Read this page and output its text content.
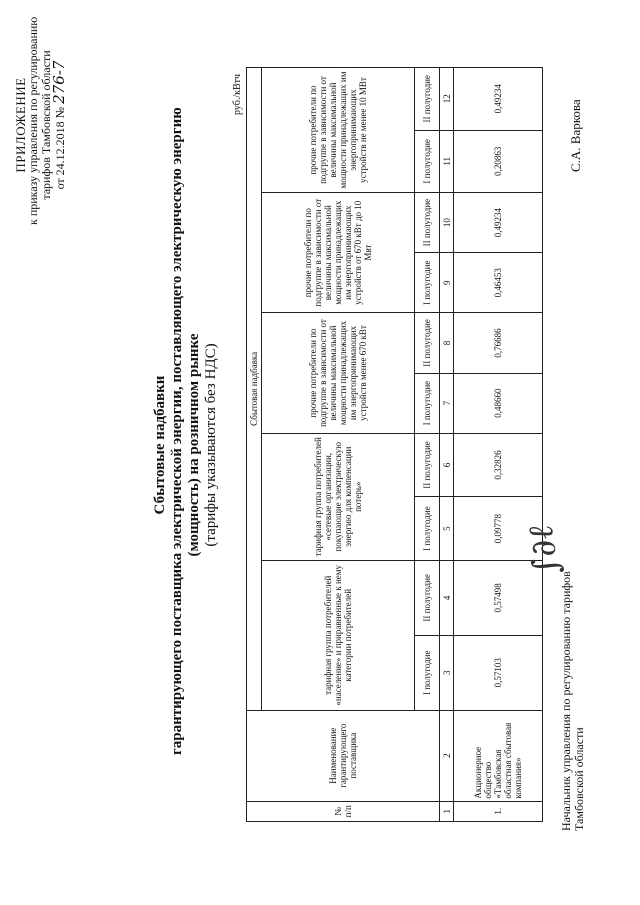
ПРИЛОЖЕНИЕ
к приказу управления по регулированию тарифов Тамбовской области от 24.12.2018 № 276-7
Сбытовые надбавки гарантирующего поставщика электрической энергии, поставляющего электрическую энергию (мощность) на розничном рынке (тарифы указываются без НДС)
руб./кВтч
№ п/п	Наименование гарантирующего поставщика	Сбытовая надбавка									
		тарифная группа потребителей «население» и приравненные к нему категории потребителей		тарифная группа потребителей «сетевые организации, покупающие электрическую энергию для компенсации потерь»		прочие потребители по подгруппе в зависимости от величины максимальной мощности принадлежащих им энергопринимающих устройств менее 670 кВт		прочие потребители по подгруппе в зависимости от величины максимальной мощности принадлежащих им энергопринимающих устройств от 670 кВт до 10 Мвт		прочие потребители по подгруппе в зависимости от величины максимальной мощности принадлежащих им энергопринимающих устройств не менее 10 МВт	
		I полугодие	II полугодие	I полугодие	II полугодие	I полугодие	II полугодие	I полугодие	II полугодие	I полугодие	II полугодие
1	2	3	4	5	6	7	8	9	10	11	12
1.	Акционерное общество «Тамбовская областная сбытовая компания»	0,57103	0,57498	0,09778	0,32826	0,48660	0,76686	0,46453	0,49234	0,20863	0,49234
∫∂ℓ
Начальник управления по регулированию тарифов Тамбовской области
С.А. Варкова
